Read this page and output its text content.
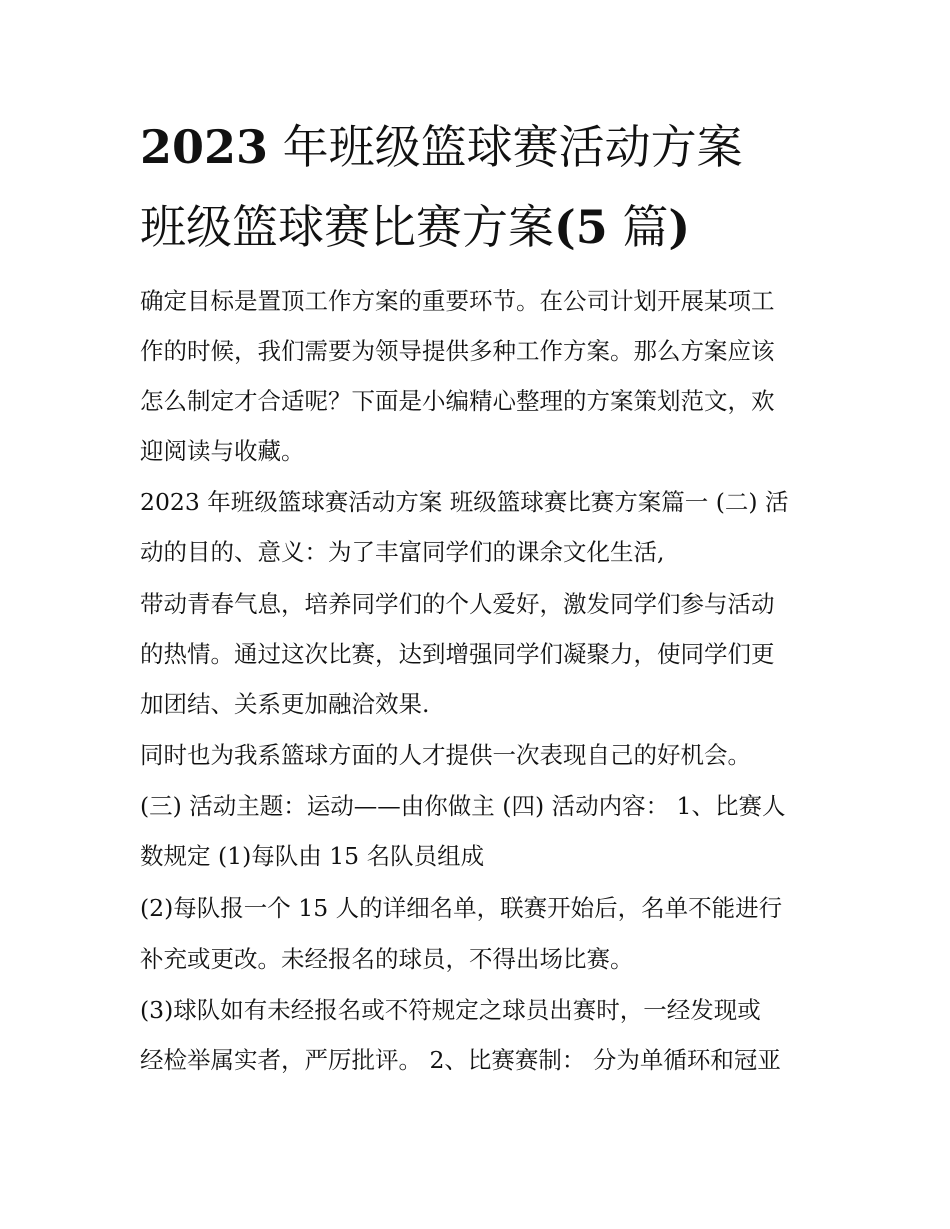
2023 年班级篮球赛活动方案
班级篮球赛比赛方案(5 篇)

确定目标是置顶工作方案的重要环节。在公司计划开展某项工

作的时候，我们需要为领导提供多种工作方案。那么方案应该

怎么制定才合适呢？下面是小编精心整理的方案策划范文，欢

迎阅读与收藏。

2023 年班级篮球赛活动方案 班级篮球赛比赛方案篇一 (二) 活

动的目的、意义：为了丰富同学们的课余文化生活,

带动青春气息，培养同学们的个人爱好，激发同学们参与活动

的热情。通过这次比赛，达到增强同学们凝聚力，使同学们更

加团结、关系更加融洽效果.

同时也为我系篮球方面的人才提供一次表现自己的好机会。

(三) 活动主题：运动——由你做主 (四) 活动内容： 1、比赛人

数规定 (1)每队由 15 名队员组成

(2)每队报一个 15 人的详细名单，联赛开始后，名单不能进行

补充或更改。未经报名的球员，不得出场比赛。

(3)球队如有未经报名或不符规定之球员出赛时，一经发现或

经检举属实者，严厉批评。 2、比赛赛制： 分为单循环和冠亚
